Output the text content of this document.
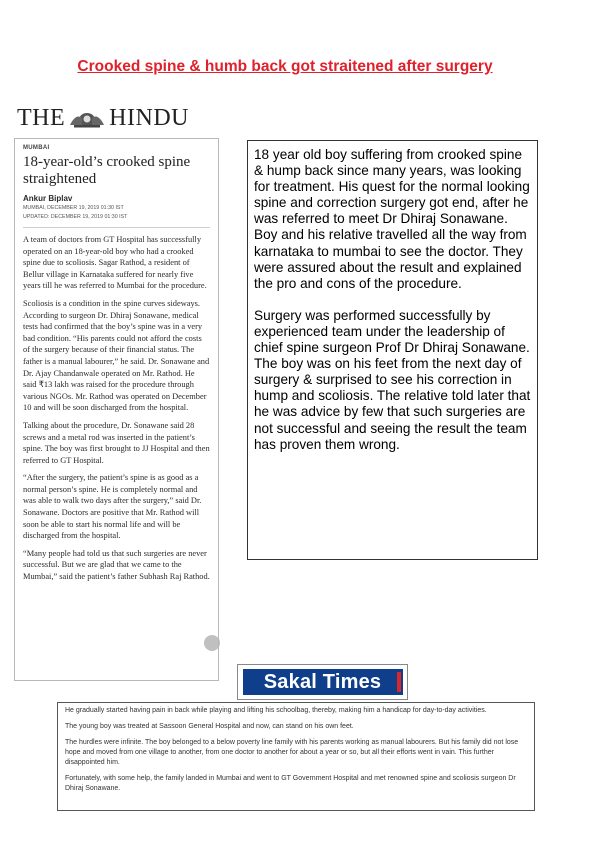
Crooked spine & humb back got straitened after surgery
THE HINDU
MUMBAI
18-year-old’s crooked spine straightened
Ankur Biplav
MUMBAI, DECEMBER 19, 2019 01:30 IST
UPDATED: DECEMBER 19, 2019 01:30 IST

A team of doctors from GT Hospital has successfully operated on an 18-year-old boy who had a crooked spine due to scoliosis. Sagar Rathod, a resident of Bellur village in Karnataka suffered for nearly five years till he was referred to Mumbai for the procedure.

Scoliosis is a condition in the spine curves sideways. According to surgeon Dr. Dhiraj Sonawane, medical tests had confirmed that the boy’s spine was in a very bad condition. “His parents could not afford the costs of the surgery because of their financial status. The father is a manual labourer,” he said. Dr. Sonawane and Dr. Ajay Chandanwale operated on Mr. Rathod. He said ₹13 lakh was raised for the procedure through various NGOs. Mr. Rathod was operated on December 10 and will be soon discharged from the hospital.

Talking about the procedure, Dr. Sonawane said 28 screws and a metal rod was inserted in the patient’s spine. The boy was first brought to JJ Hospital and then referred to GT Hospital.

“After the surgery, the patient’s spine is as good as a normal person’s spine. He is completely normal and was able to walk two days after the surgery,” said Dr. Sonawane. Doctors are positive that Mr. Rathod will soon be able to start his normal life and will be discharged from the hospital.

“Many people had told us that such surgeries are never successful. But we are glad that we came to the Mumbai,” said the patient’s father Subhash Raj Rathod.

18 year old boy suffering from crooked spine & hump back since many years, was looking for treatment. His quest for the normal looking spine and correction surgery got end, after he was referred to meet Dr Dhiraj Sonawane. Boy and his relative travelled all the way from karnataka to mumbai to see the doctor. They were assured about the result and explained the pro and cons of the procedure.

Surgery was performed successfully by experienced team under the leadership of chief spine surgeon Prof Dr Dhiraj Sonawane. The boy was on his feet from the next day of surgery & surprised to see his correction in hump and scoliosis. The relative told later that he was advice by few that such surgeries are not successful and seeing the result the team has proven them wrong.

Sakal Times

He gradually started having pain in back while playing and lifting his schoolbag, thereby, making him a handicap for day-to-day activities.

The young boy was treated at Sassoon General Hospital and now, can stand on his own feet.

The hurdles were infinite. The boy belonged to a below poverty line family with his parents working as manual labourers. But his family did not lose hope and moved from one village to another, from one doctor to another for about a year or so, but all their efforts went in vain. This further disappointed him.

Fortunately, with some help, the family landed in Mumbai and went to GT Government Hospital and met renowned spine and scoliosis surgeon Dr Dhiraj Sonawane.
